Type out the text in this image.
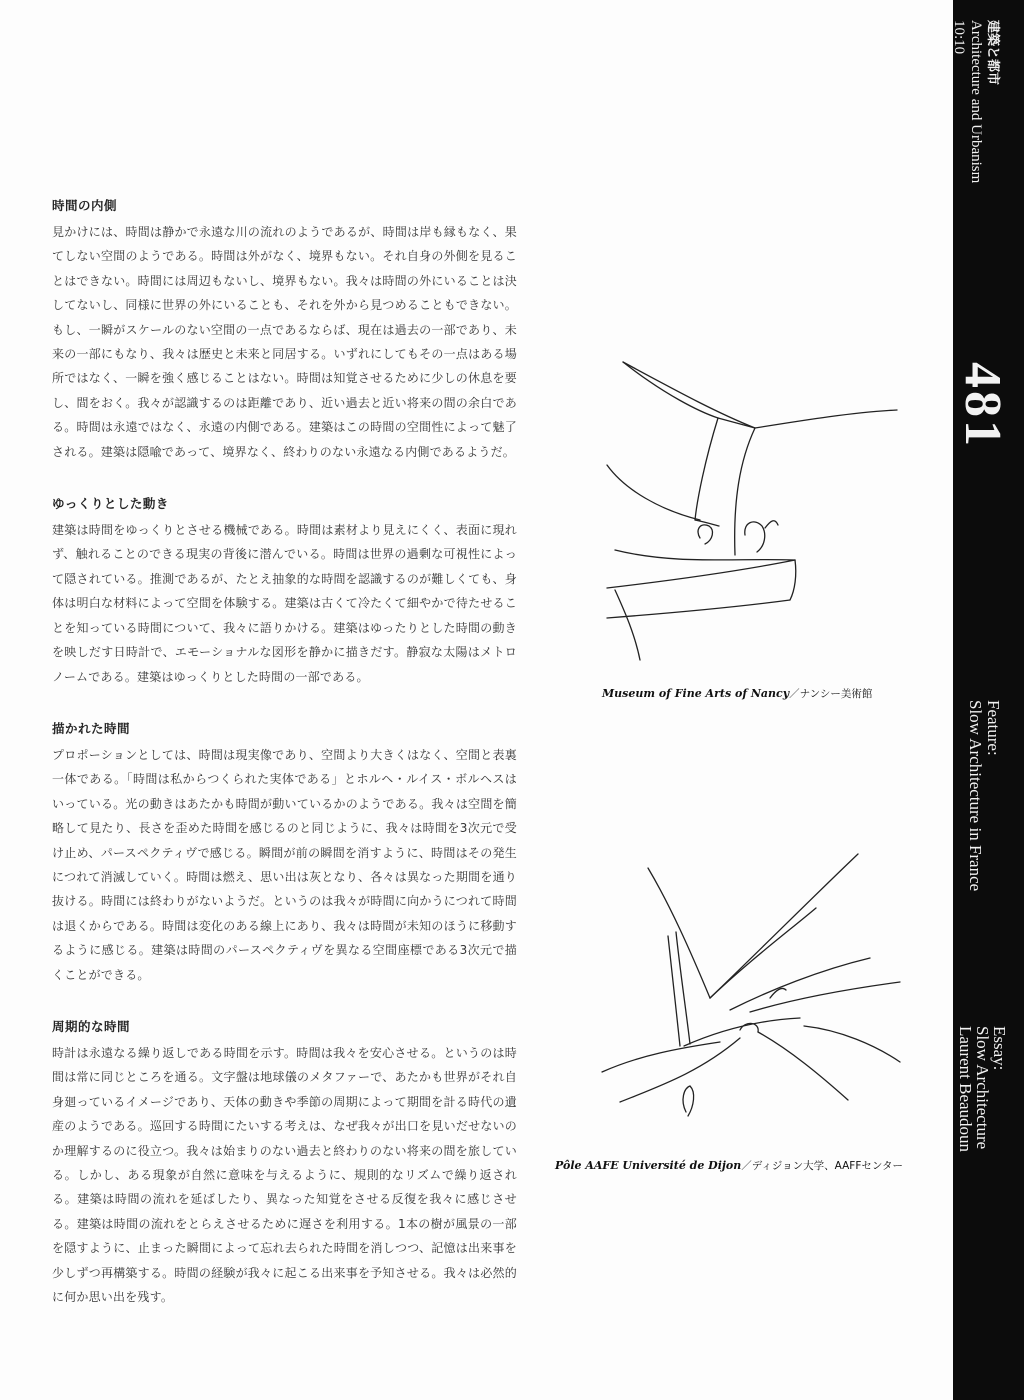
時間の内側

見かけには、時間は静かで永遠な川の流れのようであるが、時間は岸も縁もなく、果てしない空間のようである。時間は外がなく、境界もない。それ自身の外側を見ることはできない。時間には周辺もないし、境界もない。我々は時間の外にいることは決してないし、同様に世界の外にいることも、それを外から見つめることもできない。もし、一瞬がスケールのない空間の一点であるならば、現在は過去の一部であり、未来の一部にもなり、我々は歴史と未来と同居する。いずれにしてもその一点はある場所ではなく、一瞬を強く感じることはない。時間は知覚させるために少しの休息を要し、間をおく。我々が認識するのは距離であり、近い過去と近い将来の間の余白である。時間は永遠ではなく、永遠の内側である。建築はこの時間の空間性によって魅了される。建築は隠喩であって、境界なく、終わりのない永遠なる内側であるようだ。

ゆっくりとした動き

建築は時間をゆっくりとさせる機械である。時間は素材より見えにくく、表面に現れず、触れることのできる現実の背後に潜んでいる。時間は世界の過剰な可視性によって隠されている。推測であるが、たとえ抽象的な時間を認識するのが難しくても、身体は明白な材料によって空間を体験する。建築は古くて冷たくて細やかで待たせることを知っている時間について、我々に語りかける。建築はゆったりとした時間の動きを映しだす日時計で、エモーショナルな図形を静かに描きだす。静寂な太陽はメトロノームである。建築はゆっくりとした時間の一部である。

描かれた時間

プロポーションとしては、時間は現実像であり、空間より大きくはなく、空間と表裏一体である。「時間は私からつくられた実体である」とホルヘ・ルイス・ボルヘスはいっている。光の動きはあたかも時間が動いているかのようである。我々は空間を簡略して見たり、長さを歪めた時間を感じるのと同じように、我々は時間を3次元で受け止め、パースペクティヴで感じる。瞬間が前の瞬間を消すように、時間はその発生につれて消滅していく。時間は燃え、思い出は灰となり、各々は異なった期間を通り抜ける。時間には終わりがないようだ。というのは我々が時間に向かうにつれて時間は退くからである。時間は変化のある線上にあり、我々は時間が未知のほうに移動するように感じる。建築は時間のパースペクティヴを異なる空間座標である3次元で描くことができる。

周期的な時間

時計は永遠なる繰り返しである時間を示す。時間は我々を安心させる。というのは時間は常に同じところを通る。文字盤は地球儀のメタファーで、あたかも世界がそれ自身廻っているイメージであり、天体の動きや季節の周期によって期間を計る時代の遺産のようである。巡回する時間にたいする考えは、なぜ我々が出口を見いだせないのか理解するのに役立つ。我々は始まりのない過去と終わりのない将来の間を旅している。しかし、ある現象が自然に意味を与えるように、規則的なリズムで繰り返される。建築は時間の流れを延ばしたり、異なった知覚をさせる反復を我々に感じさせる。建築は時間の流れをとらえさせるために遅さを利用する。1本の樹が風景の一部を隠すように、止まった瞬間によって忘れ去られた時間を消しつつ、記憶は出来事を少しずつ再構築する。時間の経験が我々に起こる出来事を予知させる。我々は必然的に何か思い出を残す。

Museum of Fine Arts of Nancy／ナンシー美術館
Pôle AAFE Université de Dijon／ディジョン大学、AAFFセンター
建築と都市
Architecture and Urbanism
10:10
481
Feature:
Slow Architecture in France
Essay:
Slow Architecture
Laurent Beaudoun
